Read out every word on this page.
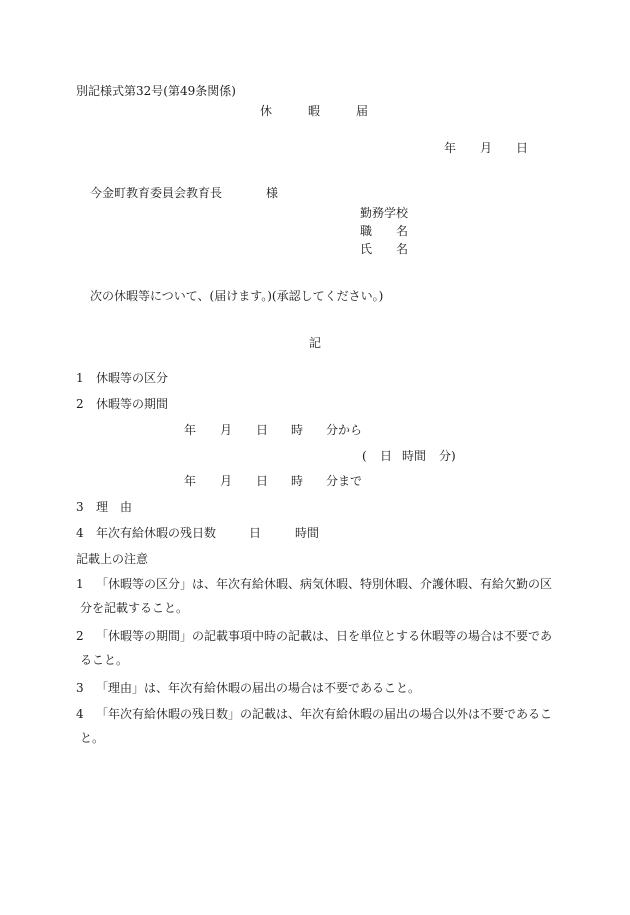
別記様式第32号(第49条関係)
休	暇	届
年 月 日
今金町教育委員会教育長	様
勤務学校
職 名
氏 名
次の休暇等について、(届けます。)(承認してください。)
記
1 休暇等の区分
2 休暇等の期間
年 月 日 時 分から
( 日 時間 分)
年 月 日 時 分まで
3 理 由
4 年次有給休暇の残日数	日	時間
記載上の注意
1 「休暇等の区分」は、年次有給休暇、病気休暇、特別休暇、介護休暇、有給欠勤の区
分を記載すること。
2 「休暇等の期間」の記載事項中時の記載は、日を単位とする休暇等の場合は不要であ
ること。
3 「理由」は、年次有給休暇の届出の場合は不要であること。
4 「年次有給休暇の残日数」の記載は、年次有給休暇の届出の場合以外は不要であるこ
と。
